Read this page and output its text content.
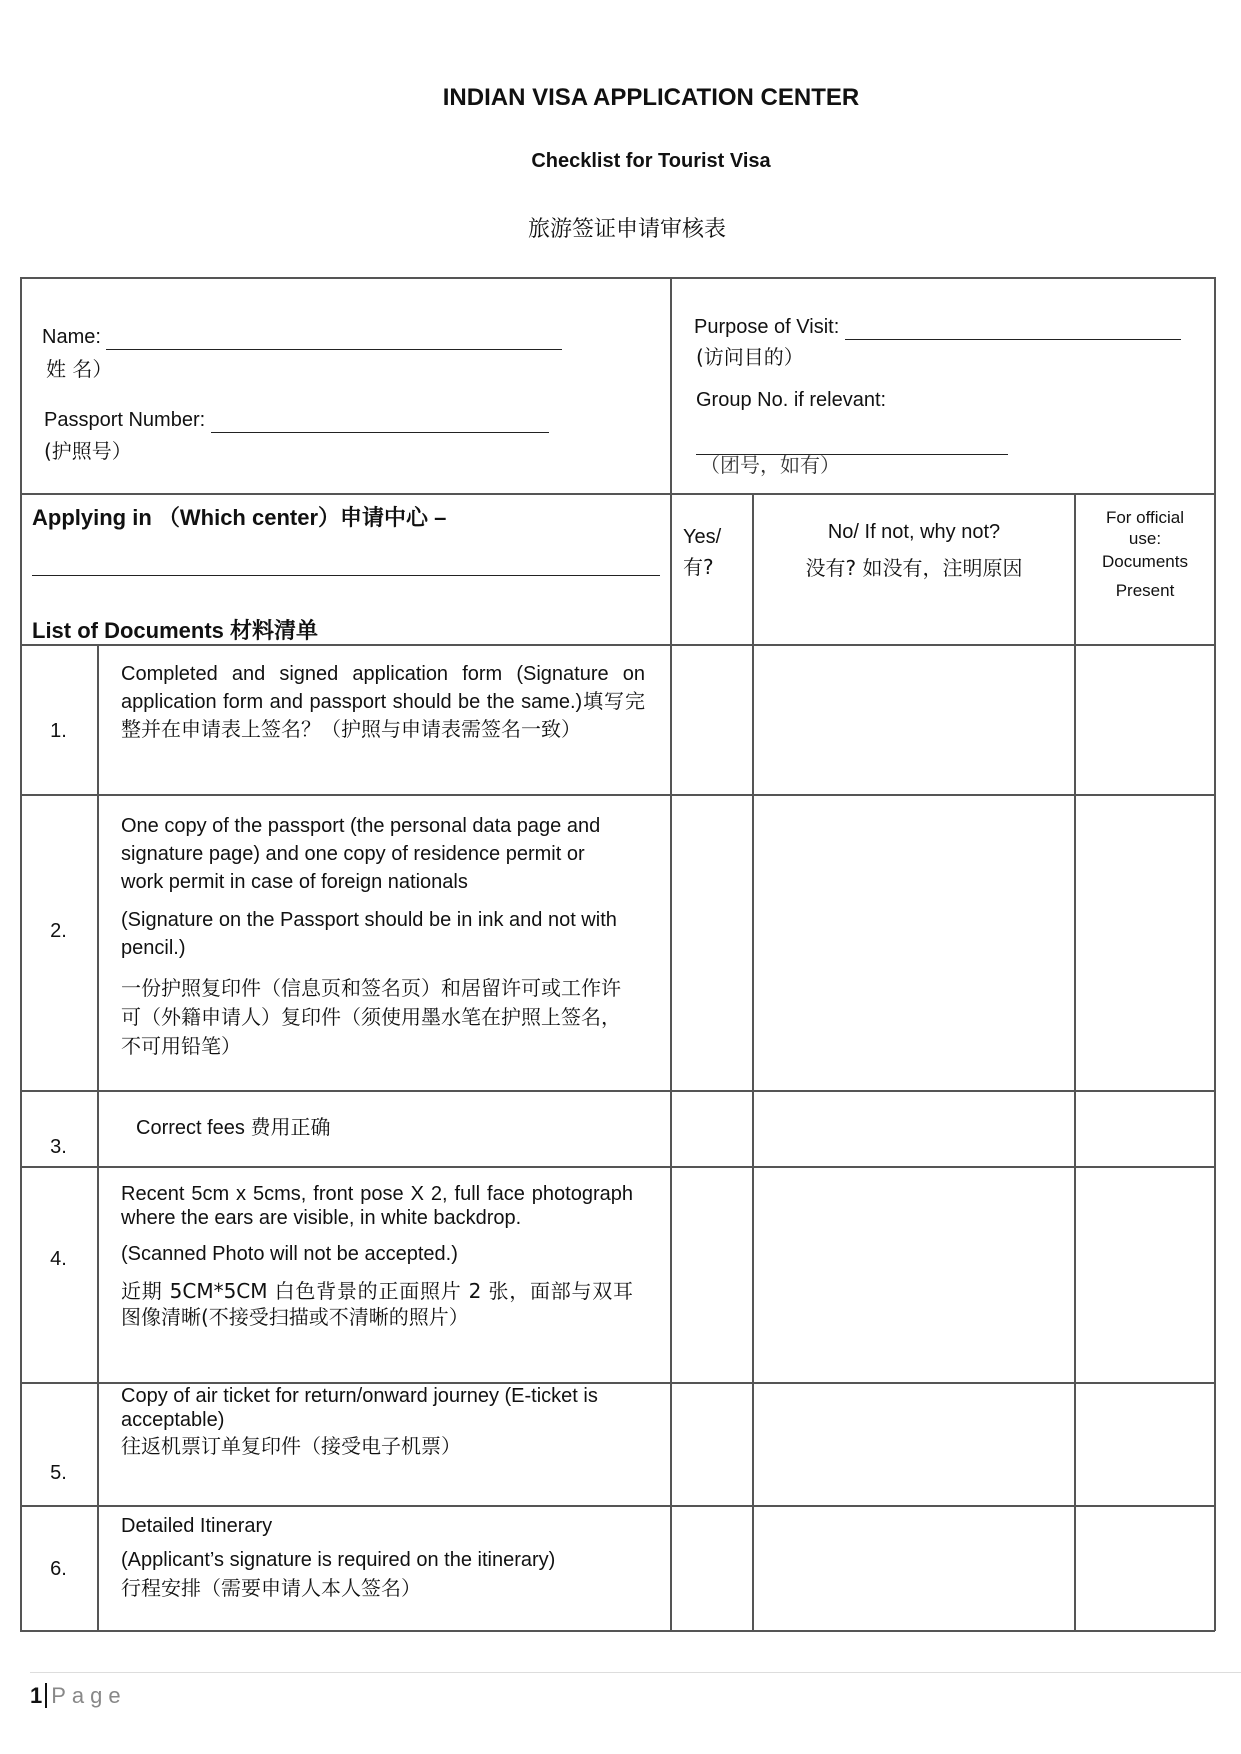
INDIAN VISA APPLICATION CENTER
Checklist for Tourist Visa
旅游签证申请审核表
Name:
姓 名）
Passport Number:
(护照号）
Purpose of Visit:
(访问目的）
Group No. if relevant:
（团号，如有）
Applying in （Which center）申请中心 –
List of Documents 材料清单
Yes/
有?
No/ If not, why not?
没有? 如没有，注明原因
For official
use:
Documents
Present
1.
Completed and signed application form (Signature on application form and passport should be the same.)填写完整并在申请表上签名？（护照与申请表需签名一致）
2.
One copy of the passport (the personal data page and signature page) and one copy of residence permit or work permit in case of foreign nationals
(Signature on the Passport should be in ink and not with pencil.)
一份护照复印件（信息页和签名页）和居留许可或工作许可（外籍申请人）复印件（须使用墨水笔在护照上签名，不可用铅笔）
3.
Correct fees 费用正确
4.
Recent 5cm x 5cms, front pose X 2, full face photograph where the ears are visible, in white backdrop.
(Scanned Photo will not be accepted.)
近期 5CM*5CM 白色背景的正面照片 2 张，面部与双耳图像清晰(不接受扫描或不清晰的照片）
5.
Copy of air ticket for return/onward journey (E-ticket is acceptable)
往返机票订单复印件（接受电子机票）
6.
Detailed Itinerary
(Applicant’s signature is required on the itinerary)
行程安排（需要申请人本人签名）
1 Page
